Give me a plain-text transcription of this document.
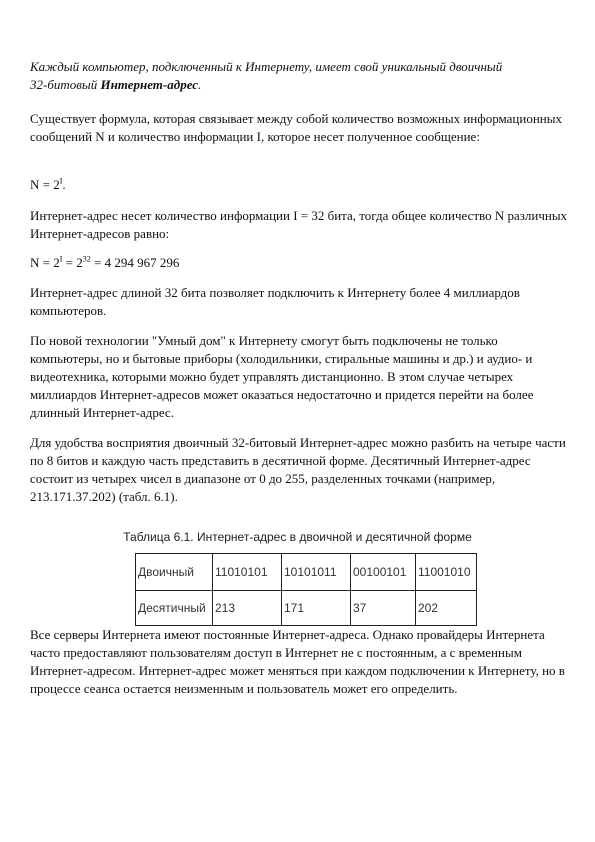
Каждый компьютер, подключенный к Интернету, имеет свой уникальный двоичный
32-битовый Интернет-адрес.

Существует формула, которая связывает между собой количество возможных информационных сообщений N и количество информации I, которое несет полученное сообщение:

$N = 2^I$.

Интернет-адрес несет количество информации I = 32 бита, тогда общее количество N различных Интернет-адресов равно:

$N = 2^I = 2^{32} = 4$ 294 967 296

Интернет-адрес длиной 32 бита позволяет подключить к Интернету более 4 миллиардов компьютеров.

По новой технологии "Умный дом" к Интернету смогут быть подключены не только компьютеры, но и бытовые приборы (холодильники, стиральные машины и др.) и аудио- и видеотехника, которыми можно будет управлять дистанционно. В этом случае четырех миллиардов Интернет-адресов может оказаться недостаточно и придется перейти на более длинный Интернет-адрес.

Для удобства восприятия двоичный 32-битовый Интернет-адрес можно разбить на четыре части по 8 битов и каждую часть представить в десятичной форме. Десятичный Интернет-адрес состоит из четырех чисел в диапазоне от 0 до 255, разделенных точками (например, 213.171.37.202) (табл. 6.1).

Таблица 6.1. Интернет-адрес в двоичной и десятичной форме
Двоичный	11010101	10101011	00100101	11001010
Десятичный	213	171	37	202

Все серверы Интернета имеют постоянные Интернет-адреса. Однако провайдеры Интернета часто предоставляют пользователям доступ в Интернет не с постоянным, а с временным Интернет-адресом. Интернет-адрес может меняться при каждом подключении к Интернету, но в процессе сеанса остается неизменным и пользователь может его определить.
